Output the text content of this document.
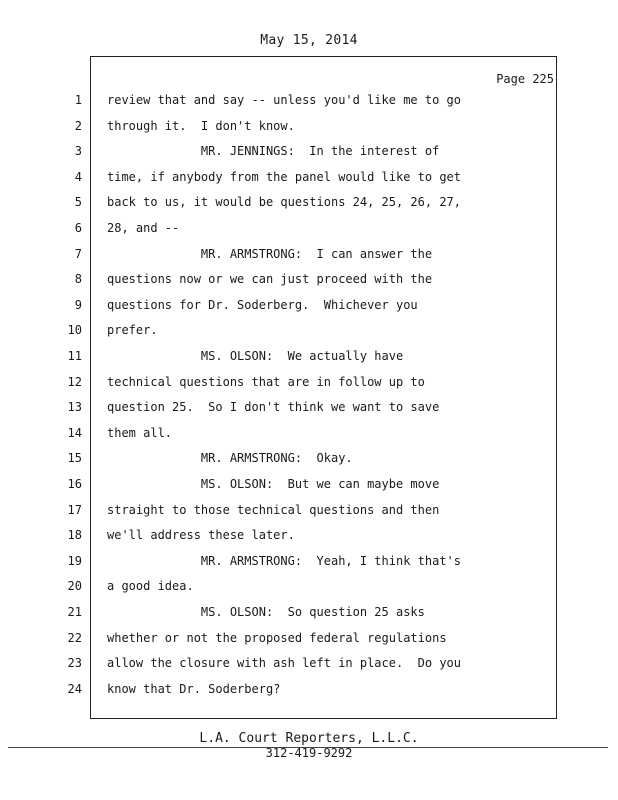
May 15, 2014
Page 225
1 review that and say -- unless you'd like me to go
2 through it.  I don't know.
3 MR. JENNINGS:  In the interest of
4 time, if anybody from the panel would like to get
5 back to us, it would be questions 24, 25, 26, 27,
6 28, and --
7 MR. ARMSTRONG:  I can answer the
8 questions now or we can just proceed with the
9 questions for Dr. Soderberg.  Whichever you
10 prefer.
11 MS. OLSON:  We actually have
12 technical questions that are in follow up to
13 question 25.  So I don't think we want to save
14 them all.
15 MR. ARMSTRONG:  Okay.
16 MS. OLSON:  But we can maybe move
17 straight to those technical questions and then
18 we'll address these later.
19 MR. ARMSTRONG:  Yeah, I think that's
20 a good idea.
21 MS. OLSON:  So question 25 asks
22 whether or not the proposed federal regulations
23 allow the closure with ash left in place.  Do you
24 know that Dr. Soderberg?
L.A. Court Reporters, L.L.C.
312-419-9292
